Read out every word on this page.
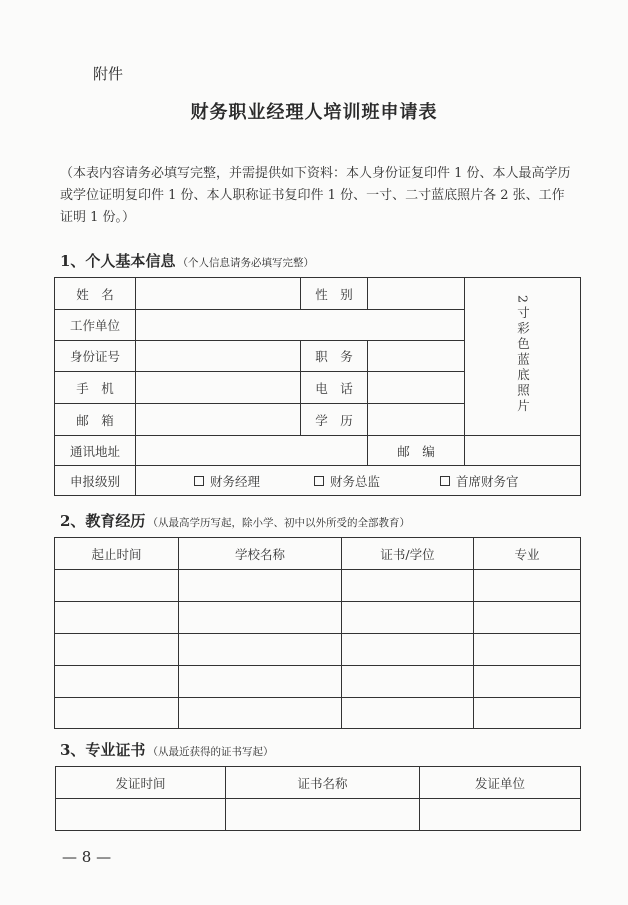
附件
财务职业经理人培训班申请表
（本表内容请务必填写完整，并需提供如下资料：本人身份证复印件 1 份、本人最高学历或学位证明复印件 1 份、本人职称证书复印件 1 份、一寸、二寸蓝底照片各 2 张、工作证明 1 份。）
1、个人基本信息 （个人信息请务必填写完整）
姓　名		性　别		2寸彩色蓝底照片
工作单位				
身份证号		职　务		
手　机		电　话		
邮　箱		学　历		
通讯地址			邮　编	
申报级别	财务经理 财务总监 首席财务官			
2、教育经历 （从最高学历写起，除小学、初中以外所受的全部教育）
起止时间	学校名称	证书/学位	专业

3、专业证书 （从最近获得的证书写起）
发证时间	证书名称	发证单位

— 8 —
